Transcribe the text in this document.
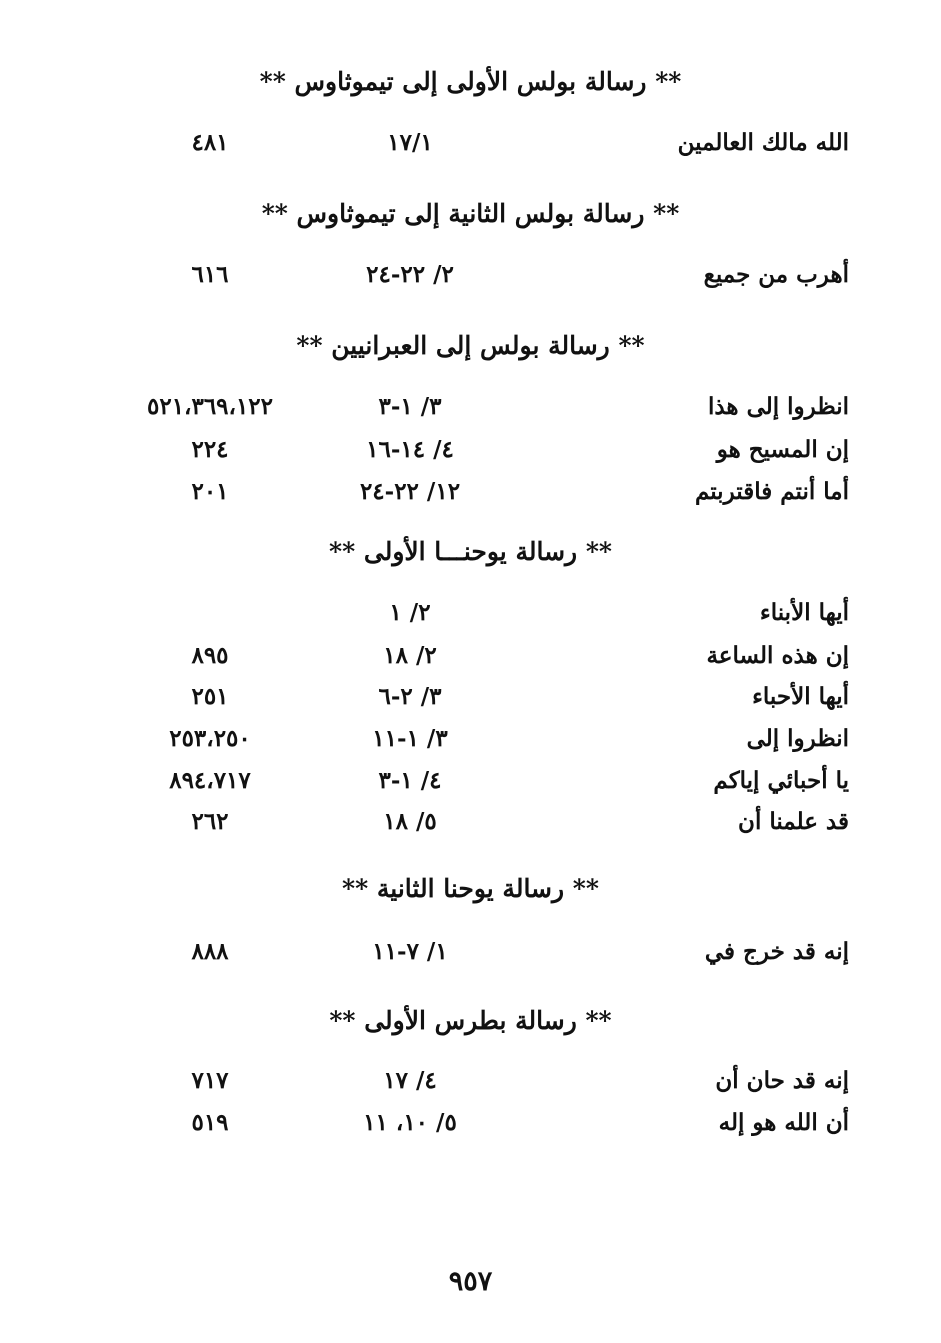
** رسالة بولس الأولى إلى تيموثاوس **
الله مالك العالمين
١٧/١
٤٨١
** رسالة بولس الثانية إلى تيموثاوس **
أهرب من جميع
٢/ ٢٢-٢٤
٦١٦
** رسالة بولس إلى العبرانيين **
انظروا إلى هذا
٣/ ١-٣
٥٢١،٣٦٩،١٢٢
إن المسيح هو
٤/ ١٤-١٦
٢٢٤
أما أنتم فاقتربتم
١٢/ ٢٢-٢٤
٢٠١
** رسالة يوحنـــا الأولى **
أيها الأبناء
٢/ ١
إن هذه الساعة
٢/ ١٨
٨٩٥
أيها الأحباء
٣/ ٢-٦
٢٥١
انظروا إلى
٣/ ١-١١
٢٥٣،٢٥٠
يا أحبائي إياكم
٤/ ١-٣
٨٩٤،٧١٧
قد علمنا أن
٥/ ١٨
٢٦٢
** رسالة يوحنا الثانية **
إنه قد خرج في
١/ ٧-١١
٨٨٨
** رسالة بطرس الأولى **
إنه قد حان أن
٤/ ١٧
٧١٧
أن الله هو إله
٥/ ١٠، ١١
٥١٩
٩٥٧
